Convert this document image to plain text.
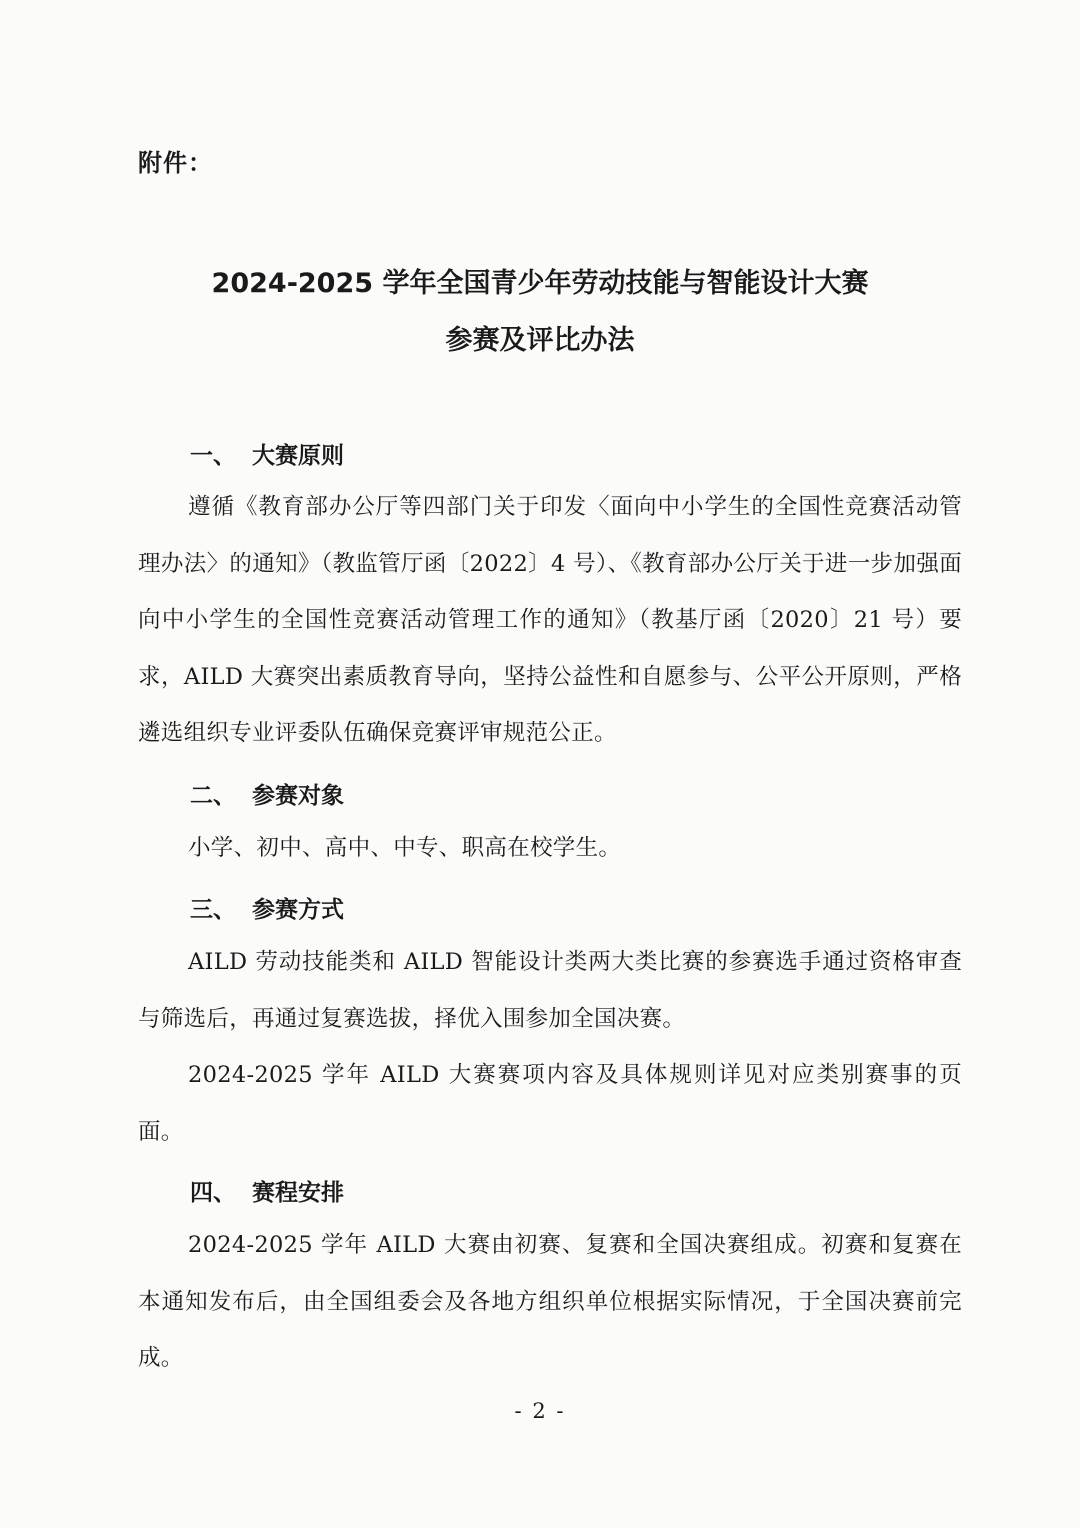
附件：
2024-2025 学年全国青少年劳动技能与智能设计大赛
参赛及评比办法
一、 大赛原则
遵循《教育部办公厅等四部门关于印发〈面向中小学生的全国性竞赛活动管理办法〉的通知》（教监管厅函〔2022〕4 号）、《教育部办公厅关于进一步加强面向中小学生的全国性竞赛活动管理工作的通知》（教基厅函〔2020〕21 号）要求，AILD 大赛突出素质教育导向，坚持公益性和自愿参与、公平公开原则，严格遴选组织专业评委队伍确保竞赛评审规范公正。
二、 参赛对象
小学、初中、高中、中专、职高在校学生。
三、 参赛方式
AILD 劳动技能类和 AILD 智能设计类两大类比赛的参赛选手通过资格审查与筛选后，再通过复赛选拔，择优入围参加全国决赛。
2024-2025 学年 AILD 大赛赛项内容及具体规则详见对应类别赛事的页面。
四、 赛程安排
2024-2025 学年 AILD 大赛由初赛、复赛和全国决赛组成。初赛和复赛在本通知发布后，由全国组委会及各地方组织单位根据实际情况，于全国决赛前完成。
- 2 -
